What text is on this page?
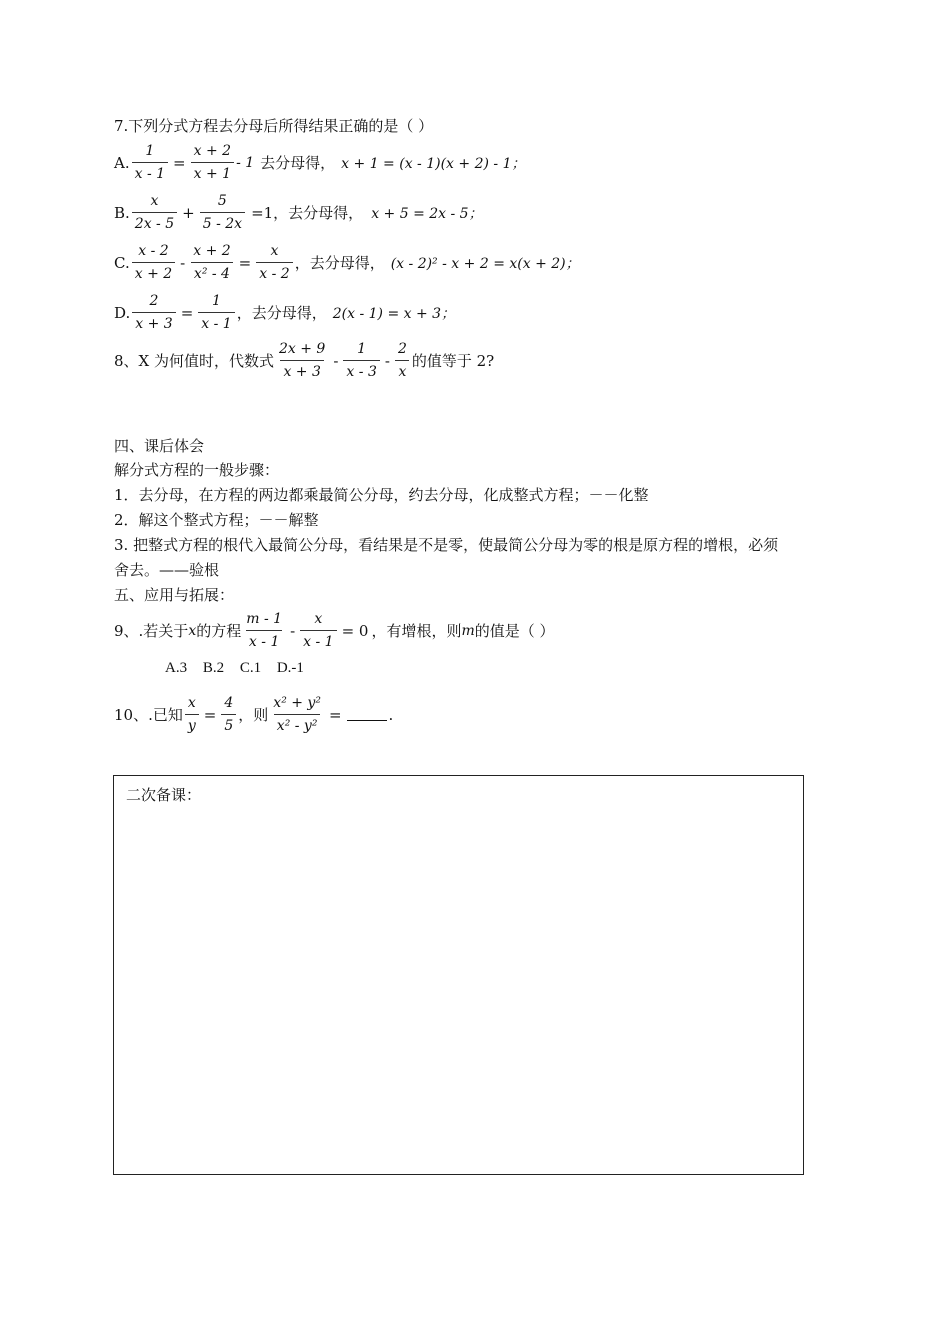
7.下列分式方程去分母后所得结果正确的是（ ）
A. $\frac{1}{x - 1} = \frac{x + 2}{x + 1} - 1$ 去分母得， x + 1 = (x - 1)(x + 2) - 1；
B. $\frac{x}{2x - 5} + \frac{5}{5 - 2x} =1$，去分母得， x + 5 = 2x - 5；
C. $\frac{x - 2}{x + 2} - \frac{x + 2}{\text{x² - 4}} = \frac{x}{x - 2}$ ，去分母得， (x - 2)² - x + 2 = x(x + 2)；
D. $\frac{2}{x + 3} = \frac{1}{x - 1}$ ，去分母得， 2(x - 1) = x + 3；
8、X 为何值时，代数式 $\frac{2x + 9}{x + 3} - \frac{1}{x - 3} - \frac{2}{x}$ 的值等于 2?
四、课后体会
解分式方程的一般步骤：
1．去分母，在方程的两边都乘最简公分母，约去分母，化成整式方程；－－化整
2．解这个整式方程；－－解整
3. 把整式方程的根代入最简公分母，看结果是不是零，使最简公分母为零的根是原方程的增根，必须
舍去。——验根
五、应用与拓展：
9、.若关于 x 的方程 $\frac{m - 1}{x - 1} - \frac{x}{x - 1} = 0$ ，有增根，则 m 的值是（ ）
A.3 B.2 C.1 D.-1
10、.已知 $\frac{x}{y} = \frac{4}{5}$ ，则 $\frac{\text{x² + y²}}{\text{x² - y²}}$ =	.
二次备课：
